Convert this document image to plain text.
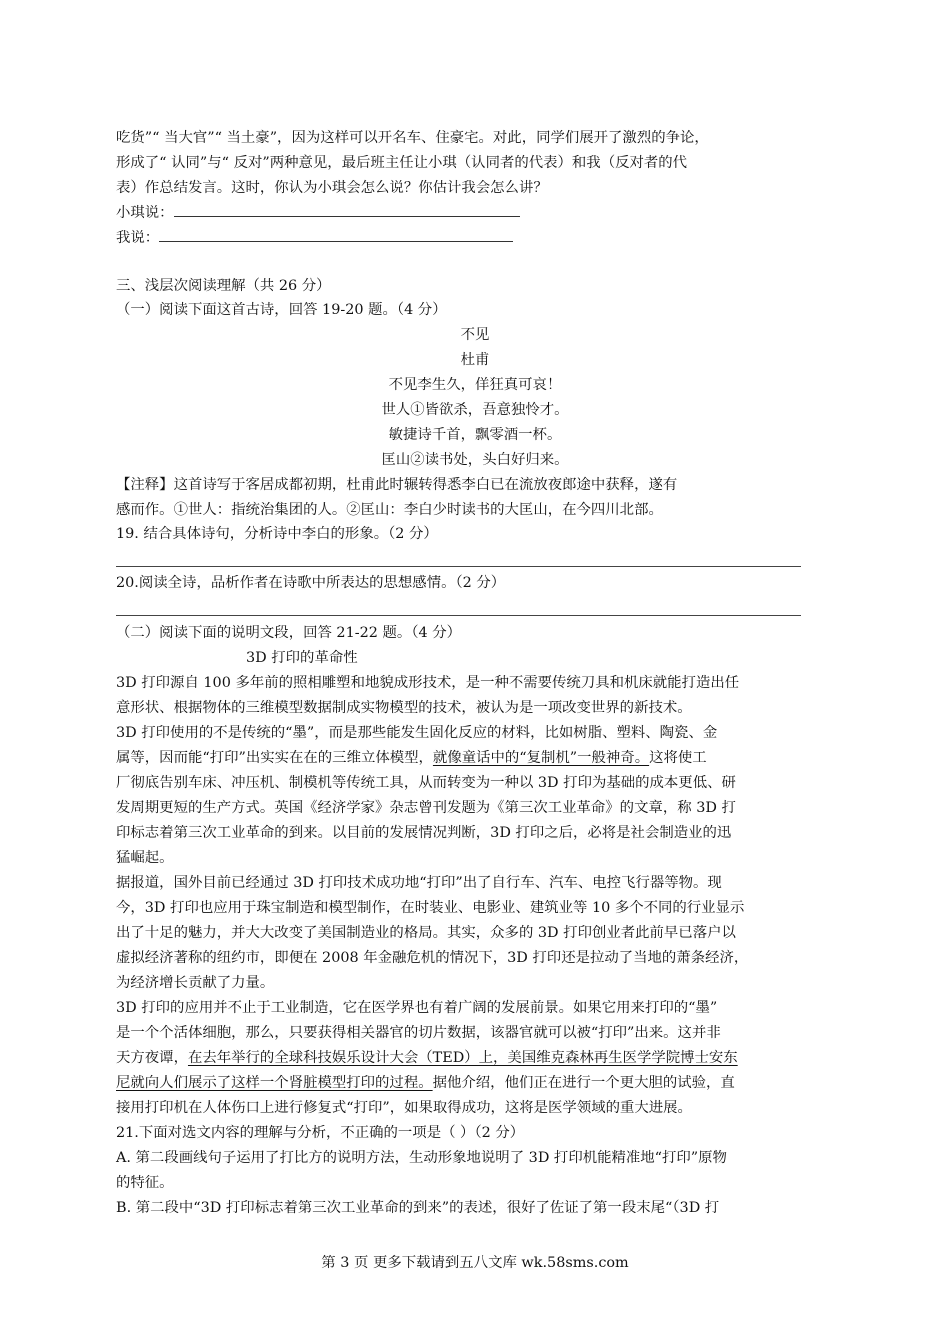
吃货”“ 当大官”“ 当土豪”，因为这样可以开名车、住豪宅。对此，同学们展开了激烈的争论，
形成了“ 认同”与“ 反对”两种意见，最后班主任让小琪（认同者的代表）和我（反对者的代
表）作总结发言。这时，你认为小琪会怎么说？你估计我会怎么讲？
小琪说：
我说：
三、浅层次阅读理解（共 26 分）
（一）阅读下面这首古诗，回答 19-20 题。（4 分）
不见
杜甫
不见李生久，佯狂真可哀！
世人①皆欲杀，吾意独怜才。
敏捷诗千首，飘零酒一杯。
匡山②读书处，头白好归来。
【注释】这首诗写于客居成都初期，杜甫此时辗转得悉李白已在流放夜郎途中获释，遂有
感而作。①世人：指统治集团的人。②匡山：李白少时读书的大匡山，在今四川北部。
19. 结合具体诗句，分析诗中李白的形象。（2 分）
20.阅读全诗，品析作者在诗歌中所表达的思想感情。（2 分）
（二）阅读下面的说明文段，回答 21-22 题。（4 分）
3D 打印的革命性
3D 打印源自 100 多年前的照相雕塑和地貌成形技术，是一种不需要传统刀具和机床就能打造出任
意形状、根据物体的三维模型数据制成实物模型的技术，被认为是一项改变世界的新技术。
3D 打印使用的不是传统的“墨”，而是那些能发生固化反应的材料，比如树脂、塑料、陶瓷、金
属等，因而能“打印”出实实在在的三维立体模型，就像童话中的“复制机”一般神奇。这将使工
厂彻底告别车床、冲压机、制模机等传统工具，从而转变为一种以 3D 打印为基础的成本更低、研
发周期更短的生产方式。英国《经济学家》杂志曾刊发题为《第三次工业革命》的文章，称 3D 打
印标志着第三次工业革命的到来。以目前的发展情况判断，3D 打印之后，必将是社会制造业的迅
猛崛起。
据报道，国外目前已经通过 3D 打印技术成功地“打印”出了自行车、汽车、电控飞行器等物。现
今，3D 打印也应用于珠宝制造和模型制作，在时装业、电影业、建筑业等 10 多个不同的行业显示
出了十足的魅力，并大大改变了美国制造业的格局。其实，众多的 3D 打印创业者此前早已落户以
虚拟经济著称的纽约市，即便在 2008 年金融危机的情况下，3D 打印还是拉动了当地的萧条经济，
为经济增长贡献了力量。
3D 打印的应用并不止于工业制造，它在医学界也有着广阔的发展前景。如果它用来打印的“墨”
是一个个活体细胞，那么，只要获得相关器官的切片数据，该器官就可以被“打印”出来。这并非
天方夜谭，在去年举行的全球科技娱乐设计大会（TED）上，美国维克森林再生医学学院博士安东
尼就向人们展示了这样一个肾脏模型打印的过程。据他介绍，他们正在进行一个更大胆的试验，直
接用打印机在人体伤口上进行修复式“打印”，如果取得成功，这将是医学领域的重大进展。
21.下面对选文内容的理解与分析，不正确的一项是（ ）（2 分）
A. 第二段画线句子运用了打比方的说明方法，生动形象地说明了 3D 打印机能精准地“打印”原物
的特征。
B. 第二段中“3D 打印标志着第三次工业革命的到来”的表述，很好了佐证了第一段末尾“（3D 打
第 3 页 更多下载请到五八文库 wk.58sms.com
